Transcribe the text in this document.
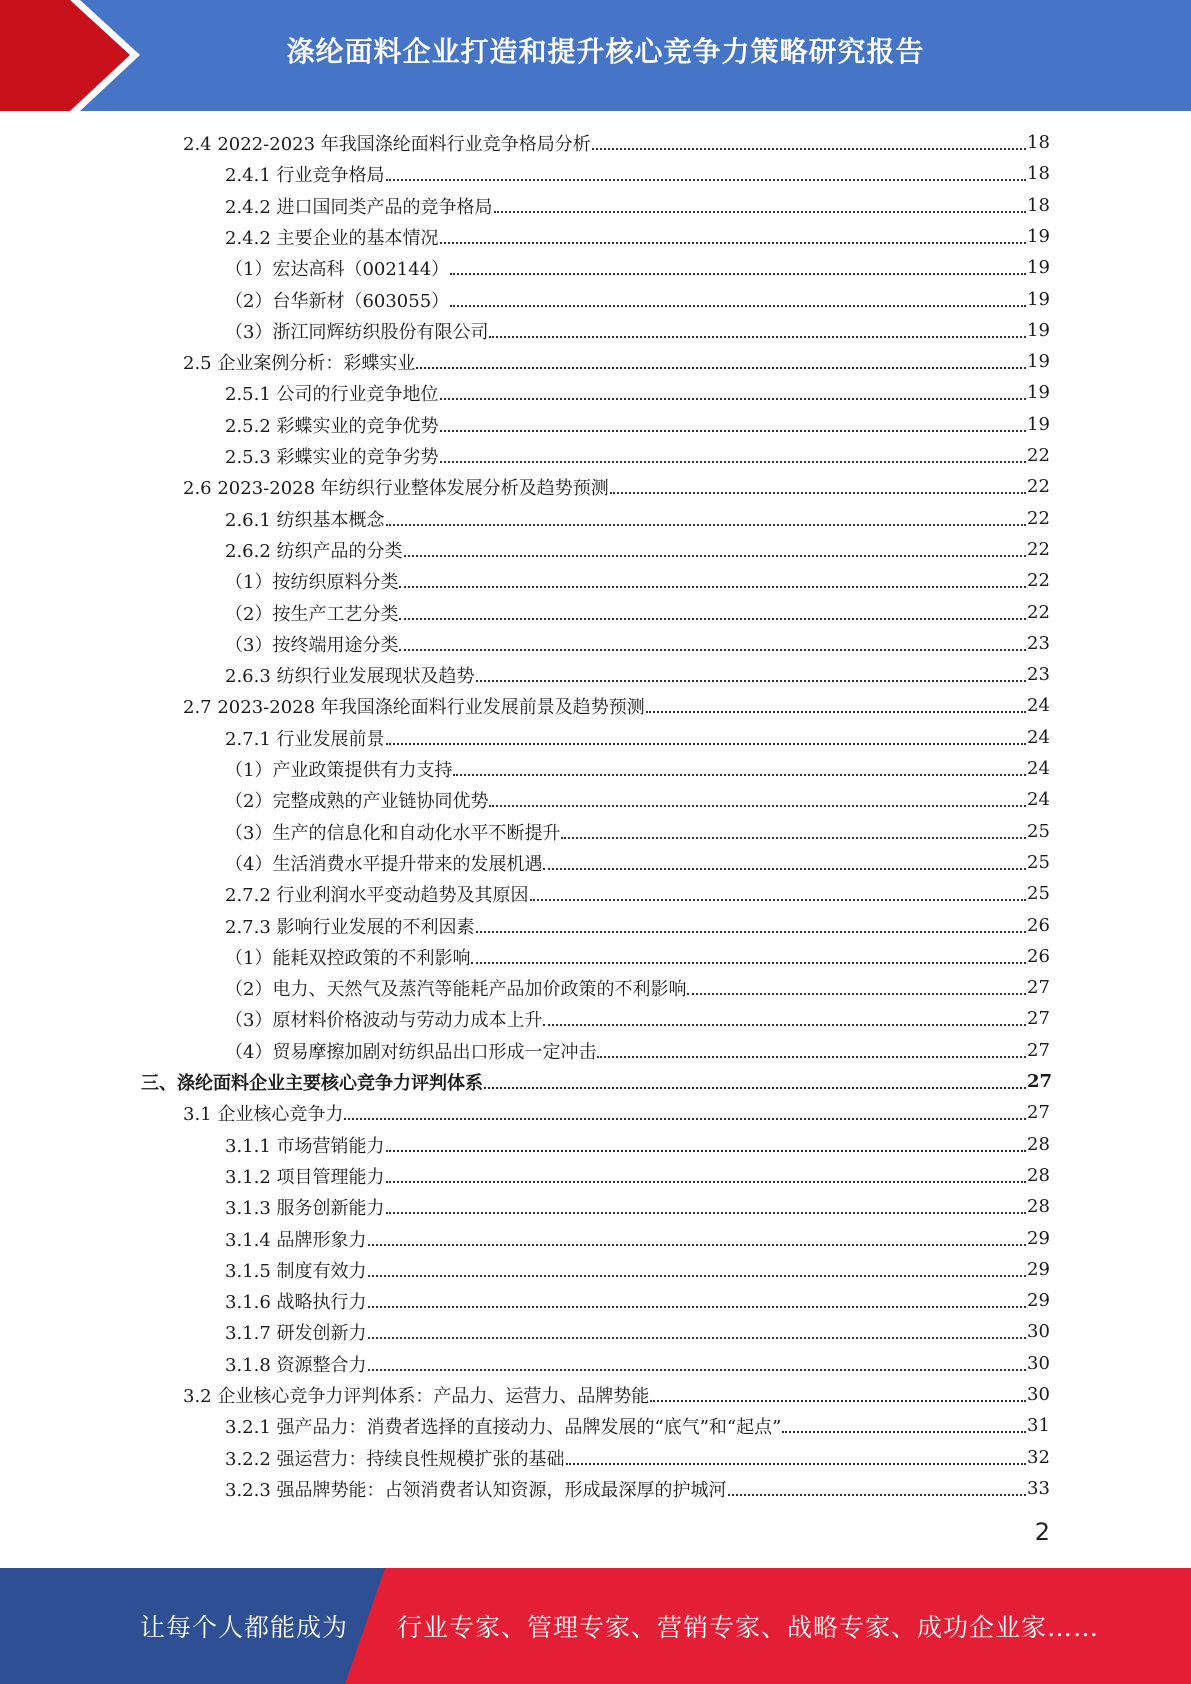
涤纶面料企业打造和提升核心竞争力策略研究报告
2.4 2022-2023 年我国涤纶面料行业竞争格局分析	18
2.4.1 行业竞争格局	18
2.4.2 进口国同类产品的竞争格局	18
2.4.2 主要企业的基本情况	19
（1）宏达高科（002144）	19
（2）台华新材（603055）	19
（3）浙江同辉纺织股份有限公司	19
2.5 企业案例分析：彩蝶实业	19
2.5.1 公司的行业竞争地位	19
2.5.2 彩蝶实业的竞争优势	19
2.5.3 彩蝶实业的竞争劣势	22
2.6 2023-2028 年纺织行业整体发展分析及趋势预测	22
2.6.1 纺织基本概念	22
2.6.2 纺织产品的分类	22
（1）按纺织原料分类	22
（2）按生产工艺分类	22
（3）按终端用途分类	23
2.6.3 纺织行业发展现状及趋势	23
2.7 2023-2028 年我国涤纶面料行业发展前景及趋势预测	24
2.7.1 行业发展前景	24
（1）产业政策提供有力支持	24
（2）完整成熟的产业链协同优势	24
（3）生产的信息化和自动化水平不断提升	25
（4）生活消费水平提升带来的发展机遇	25
2.7.2 行业利润水平变动趋势及其原因	25
2.7.3 影响行业发展的不利因素	26
（1）能耗双控政策的不利影响	26
（2）电力、天然气及蒸汽等能耗产品加价政策的不利影响	27
（3）原材料价格波动与劳动力成本上升	27
（4）贸易摩擦加剧对纺织品出口形成一定冲击	27
三、涤纶面料企业主要核心竞争力评判体系	27
3.1 企业核心竞争力	27
3.1.1 市场营销能力	28
3.1.2 项目管理能力	28
3.1.3 服务创新能力	28
3.1.4 品牌形象力	29
3.1.5 制度有效力	29
3.1.6 战略执行力	29
3.1.7 研发创新力	30
3.1.8 资源整合力	30
3.2 企业核心竞争力评判体系：产品力、运营力、品牌势能	30
3.2.1 强产品力：消费者选择的直接动力、品牌发展的“底气”和“起点”	31
3.2.2 强运营力：持续良性规模扩张的基础	32
3.2.3 强品牌势能：占领消费者认知资源，形成最深厚的护城河	33
2
让每个人都能成为 行业专家、管理专家、营销专家、战略专家、成功企业家……
